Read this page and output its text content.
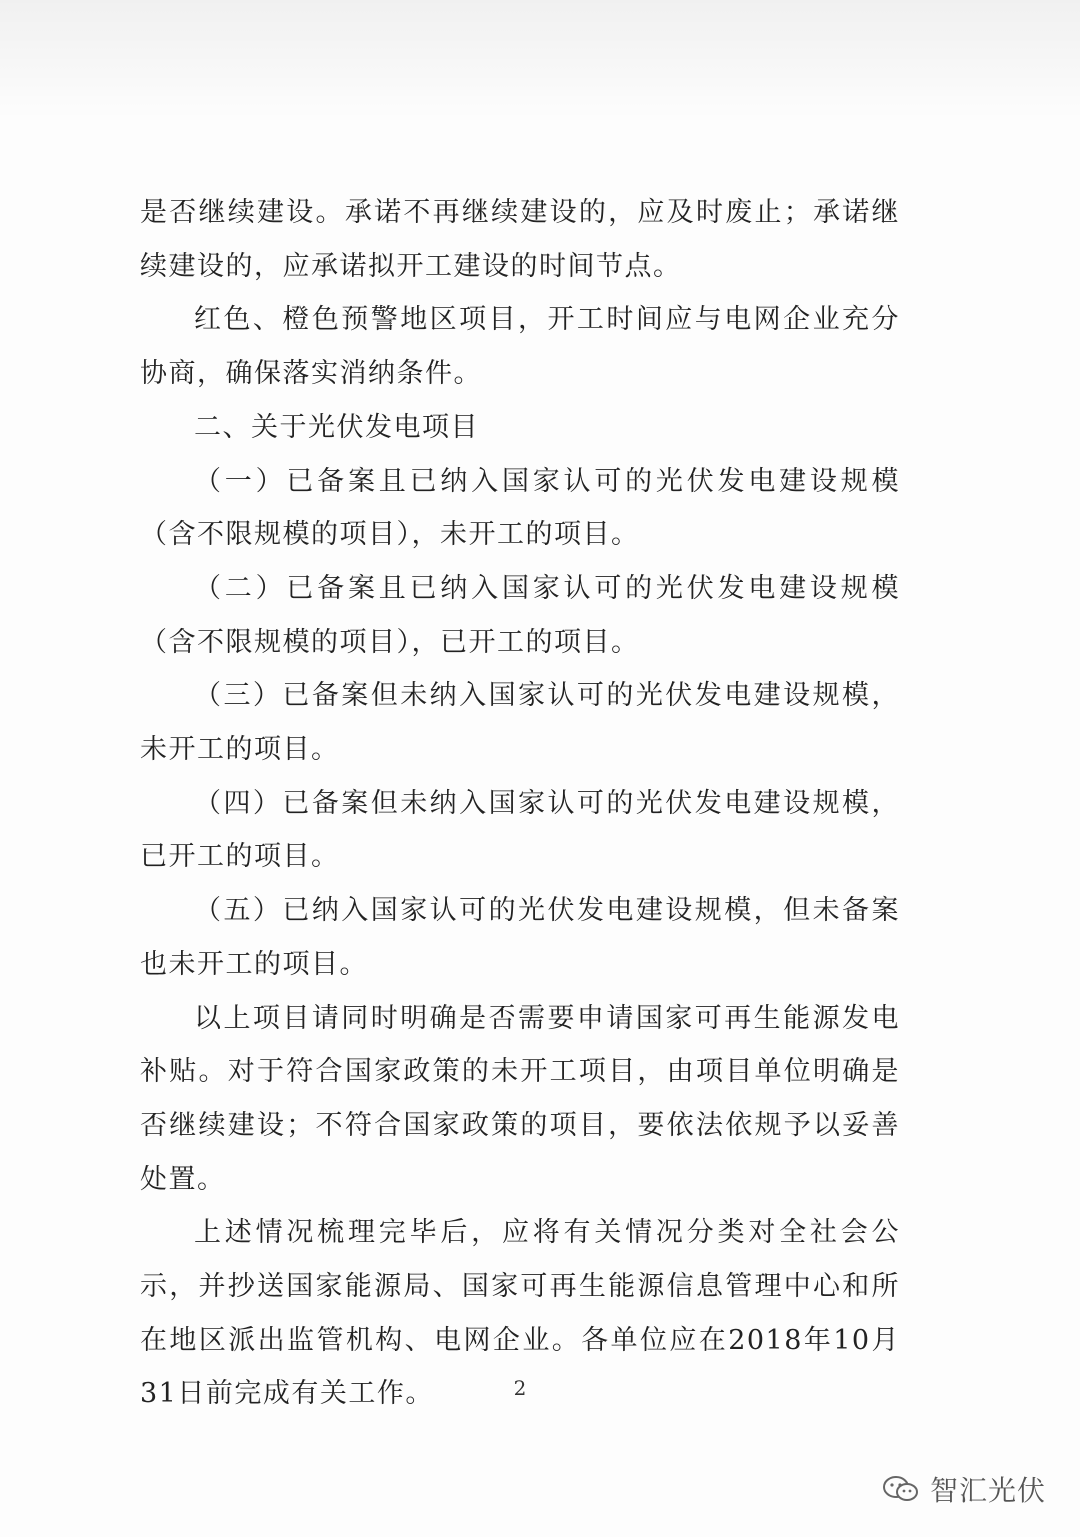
是否继续建设。承诺不再继续建设的，应及时废止；承诺继续建设的，应承诺拟开工建设的时间节点。

红色、橙色预警地区项目，开工时间应与电网企业充分协商，确保落实消纳条件。

二、关于光伏发电项目

（一）已备案且已纳入国家认可的光伏发电建设规模（含不限规模的项目），未开工的项目。

（二）已备案且已纳入国家认可的光伏发电建设规模（含不限规模的项目），已开工的项目。

（三）已备案但未纳入国家认可的光伏发电建设规模，未开工的项目。

（四）已备案但未纳入国家认可的光伏发电建设规模，已开工的项目。

（五）已纳入国家认可的光伏发电建设规模，但未备案也未开工的项目。

以上项目请同时明确是否需要申请国家可再生能源发电补贴。对于符合国家政策的未开工项目，由项目单位明确是否继续建设；不符合国家政策的项目，要依法依规予以妥善处置。

上述情况梳理完毕后，应将有关情况分类对全社会公示，并抄送国家能源局、国家可再生能源信息管理中心和所在地区派出监管机构、电网企业。各单位应在2018年10月31日前完成有关工作。	2
智汇光伏
